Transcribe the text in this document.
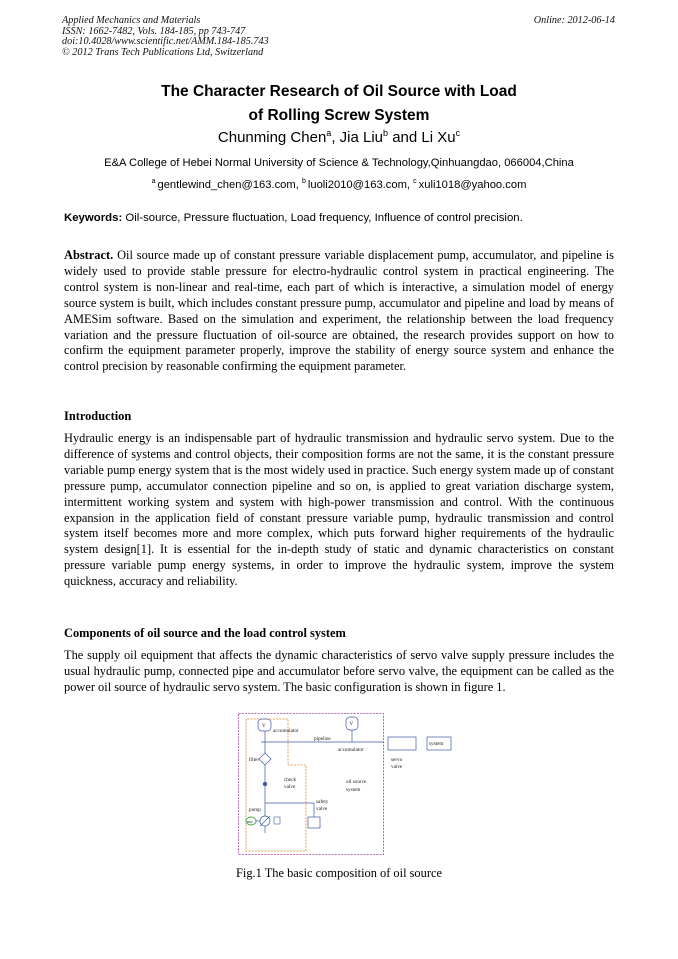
Applied Mechanics and Materials
ISSN: 1662-7482, Vols. 184-185, pp 743-747
doi:10.4028/www.scientific.net/AMM.184-185.743
© 2012 Trans Tech Publications Ltd, Switzerland
Online: 2012-06-14
The Character Research of Oil Source with Load
of Rolling Screw System
Chunming Chen$^a$, Jia Liu$^b$ and Li Xu$^c$
E&A College of Hebei Normal University of Science & Technology,Qinhuangdao, 066004,China
$^a$ gentlewind_chen@163.com, $^b$ luoli2010@163.com, $^c$ xuli1018@yahoo.com
Keywords: Oil-source, Pressure fluctuation, Load frequency, Influence of control precision.
Abstract. Oil source made up of constant pressure variable displacement pump, accumulator, and pipeline is widely used to provide stable pressure for electro-hydraulic control system in practical engineering. The control system is non-linear and real-time, each part of which is interactive, a simulation model of energy source system is built, which includes constant pressure pump, accumulator and pipeline and load by means of AMESim software. Based on the simulation and experiment, the relationship between the load frequency variation and the pressure fluctuation of oil-source are obtained, the research provides support on how to confirm the equipment parameter properly, improve the stability of energy source system and enhance the control precision by reasonable confirming the equipment parameter.
Introduction
Hydraulic energy is an indispensable part of hydraulic transmission and hydraulic servo system. Due to the difference of systems and control objects, their composition forms are not the same, it is the constant pressure variable pump energy system that is the most widely used in practice. Such energy system made up of constant pressure pump, accumulator connection pipeline and so on, is applied to great variation discharge system, intermittent working system and system with high-power transmission and control. With the continuous expansion in the application field of constant pressure variable pump, hydraulic transmission and control system itself becomes more and more complex, which puts forward higher requirements of the hydraulic system design[1]. It is essential for the in-depth study of static and dynamic characteristics on constant pressure variable pump energy systems, in order to improve the hydraulic system, improve the system quickness, accuracy and reliability.
Components of oil source and the load control system
The supply oil equipment that affects the dynamic characteristics of servo valve supply pressure includes the usual hydraulic pump, connected pipe and accumulator before servo valve, the equipment can be called as the power oil source of hydraulic servo system. The basic configuration is shown in figure 1.
V
accumulator
pipeline
V
accumulator
servo
valve
system
filter
check
valve
oil source
system
safety
valve
pump
mot
Fig.1 The basic composition of oil source
